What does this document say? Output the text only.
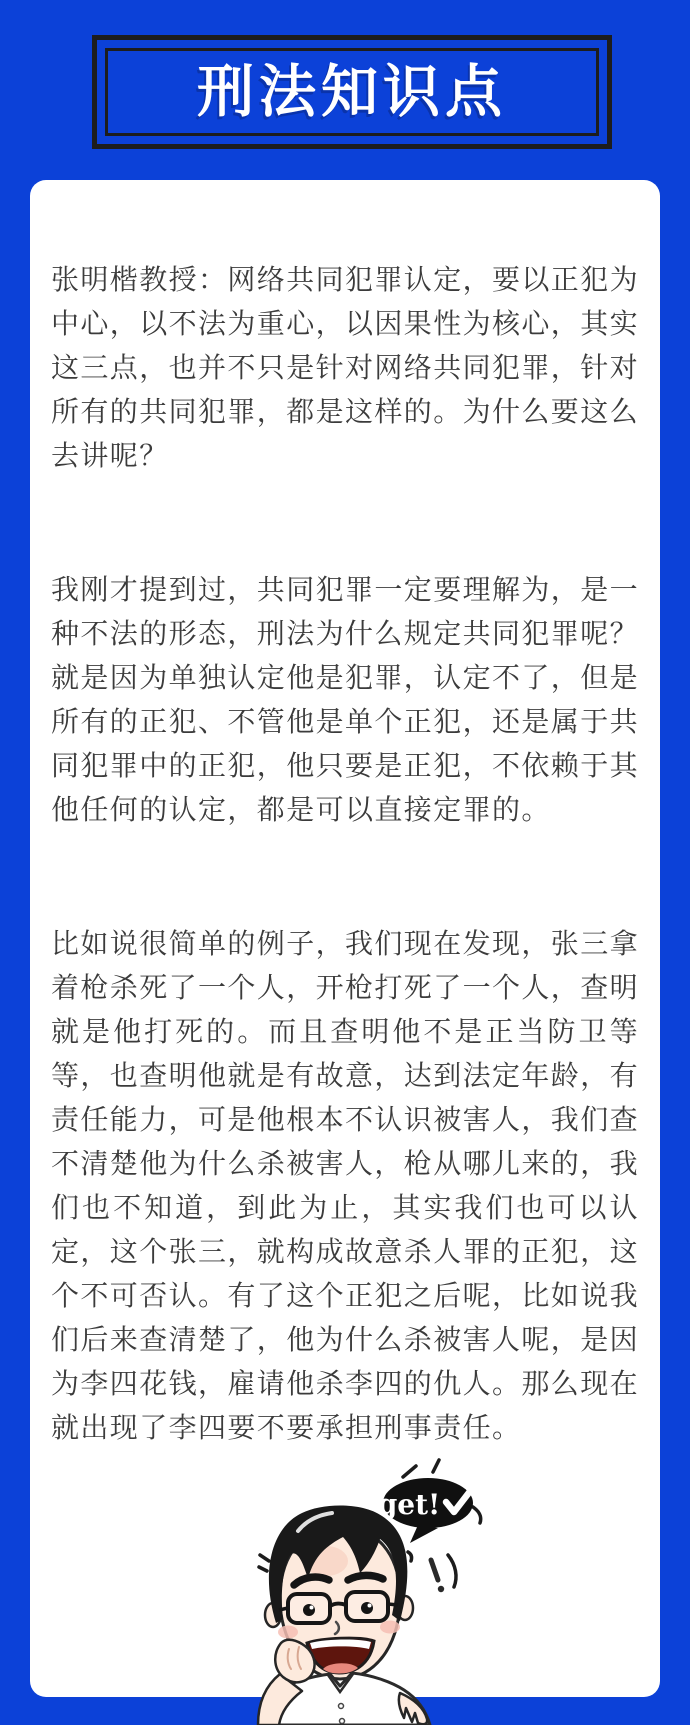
刑法知识点

张明楷教授：网络共同犯罪认定，要以正犯为中心，以不法为重心，以因果性为核心，其实这三点，也并不只是针对网络共同犯罪，针对所有的共同犯罪，都是这样的。为什么要这么去讲呢？

我刚才提到过，共同犯罪一定要理解为，是一种不法的形态，刑法为什么规定共同犯罪呢？就是因为单独认定他是犯罪，认定不了，但是所有的正犯、不管他是单个正犯，还是属于共同犯罪中的正犯，他只要是正犯，不依赖于其他任何的认定，都是可以直接定罪的。

比如说很简单的例子，我们现在发现，张三拿着枪杀死了一个人，开枪打死了一个人，查明就是他打死的。而且查明他不是正当防卫等等，也查明他就是有故意，达到法定年龄，有责任能力，可是他根本不认识被害人，我们查不清楚他为什么杀被害人，枪从哪儿来的，我们也不知道，到此为止，其实我们也可以认定，这个张三，就构成故意杀人罪的正犯，这个不可否认。有了这个正犯之后呢，比如说我们后来查清楚了，他为什么杀被害人呢，是因为李四花钱，雇请他杀李四的仇人。那么现在就出现了李四要不要承担刑事责任。

get!
